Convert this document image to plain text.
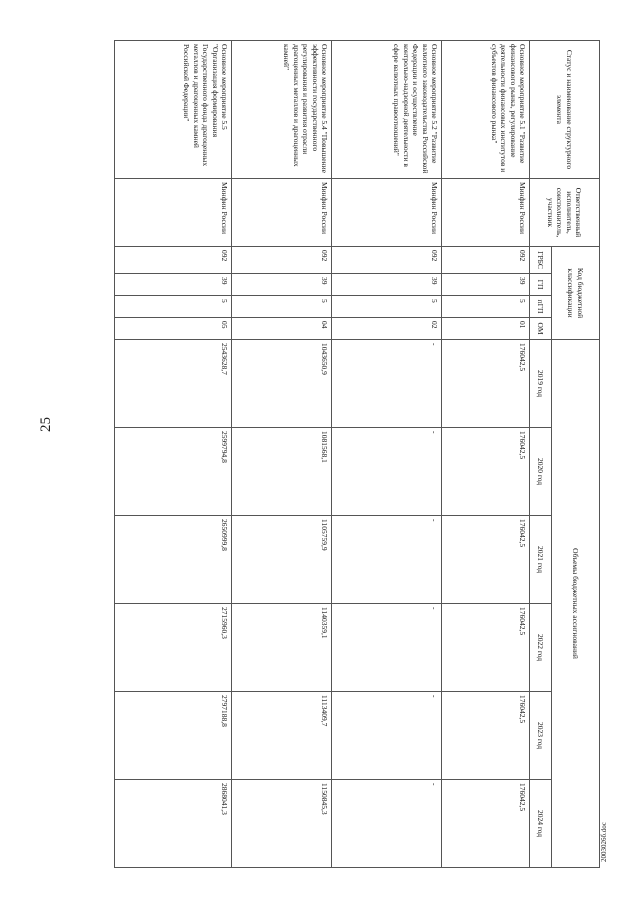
25
Статус и наименование структурного элемента	Ответственный исполнитель, соисполнитель, участник	Код бюджетной классификации				Объемы бюджетных ассигнований					
		ГРБС	ГП	пГП	ОМ	2019 год	2020 год	2021 год	2022 год	2023 год	2024 год
Основное мероприятие 5.1 "Развитие финансового рынка, регулирование деятельности финансовых институтов и субъектов финансового рынка"	Минфин России	092	39	5	01	176042,5	176042,5	176042,5	176042,5	176042,5	176042,5
Основное мероприятие 5.2 "Развитие валютного законодательства Российской Федерации и осуществление контрольно-надзорной деятельности в сфере валютных правоотношений"	Минфин России	092	39	5	02	-	-	-	-	-	-
Основное мероприятие 5.4 "Повышение эффективности государственного регулирования и развития отрасли драгоценных металлов и драгоценных камней"	Минфин России	092	39	5	04	1043650,9	1081568,1	1105759,9	1140359,1	1113409,7	1150845,3
Основное мероприятие 5.5 "Организация формирования Государственного фонда драгоценных металлов и драгоценных камней Российской Федерации"	Минфин России	092	39	5	05	2543628,7	2599794,8	2650999,8	2715960,3	2797188,8	2868041,3
2003026б.doc
